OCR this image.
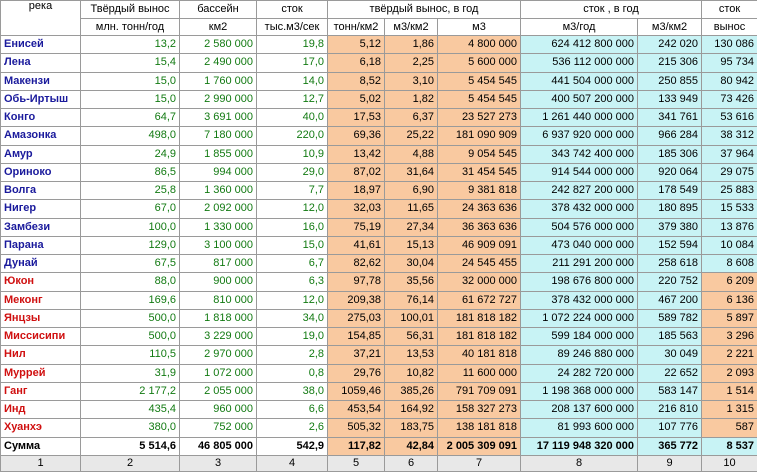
река	Твёрдый вынос	бассейн	сток	твёрдый вынос, в год			сток , в год		сток
	млн. тонн/год	км2	тыс.м3/сек	тонн/км2	м3/км2	м3	м3/год	м3/км2	вынос
Енисей	13,2	2 580 000	19,8	5,12	1,86	4 800 000	624 412 800 000	242 020	130 086
Лена	15,4	2 490 000	17,0	6,18	2,25	5 600 000	536 112 000 000	215 306	95 734
Макензи	15,0	1 760 000	14,0	8,52	3,10	5 454 545	441 504 000 000	250 855	80 942
Обь-Иртыш	15,0	2 990 000	12,7	5,02	1,82	5 454 545	400 507 200 000	133 949	73 426
Конго	64,7	3 691 000	40,0	17,53	6,37	23 527 273	1 261 440 000 000	341 761	53 616
Амазонка	498,0	7 180 000	220,0	69,36	25,22	181 090 909	6 937 920 000 000	966 284	38 312
Амур	24,9	1 855 000	10,9	13,42	4,88	9 054 545	343 742 400 000	185 306	37 964
Ориноко	86,5	994 000	29,0	87,02	31,64	31 454 545	914 544 000 000	920 064	29 075
Волга	25,8	1 360 000	7,7	18,97	6,90	9 381 818	242 827 200 000	178 549	25 883
Нигер	67,0	2 092 000	12,0	32,03	11,65	24 363 636	378 432 000 000	180 895	15 533
Замбези	100,0	1 330 000	16,0	75,19	27,34	36 363 636	504 576 000 000	379 380	13 876
Парана	129,0	3 100 000	15,0	41,61	15,13	46 909 091	473 040 000 000	152 594	10 084
Дунай	67,5	817 000	6,7	82,62	30,04	24 545 455	211 291 200 000	258 618	8 608
Юкон	88,0	900 000	6,3	97,78	35,56	32 000 000	198 676 800 000	220 752	6 209
Меконг	169,6	810 000	12,0	209,38	76,14	61 672 727	378 432 000 000	467 200	6 136
Янцзы	500,0	1 818 000	34,0	275,03	100,01	181 818 182	1 072 224 000 000	589 782	5 897
Миссисипи	500,0	3 229 000	19,0	154,85	56,31	181 818 182	599 184 000 000	185 563	3 296
Нил	110,5	2 970 000	2,8	37,21	13,53	40 181 818	89 246 880 000	30 049	2 221
Муррей	31,9	1 072 000	0,8	29,76	10,82	11 600 000	24 282 720 000	22 652	2 093
Ганг	2 177,2	2 055 000	38,0	1059,46	385,26	791 709 091	1 198 368 000 000	583 147	1 514
Инд	435,4	960 000	6,6	453,54	164,92	158 327 273	208 137 600 000	216 810	1 315
Хуанхэ	380,0	752 000	2,6	505,32	183,75	138 181 818	81 993 600 000	107 776	587
Сумма	5 514,6	46 805 000	542,9	117,82	42,84	2 005 309 091	17 119 948 320 000	365 772	8 537
1	2	3	4	5	6	7	8	9	10
